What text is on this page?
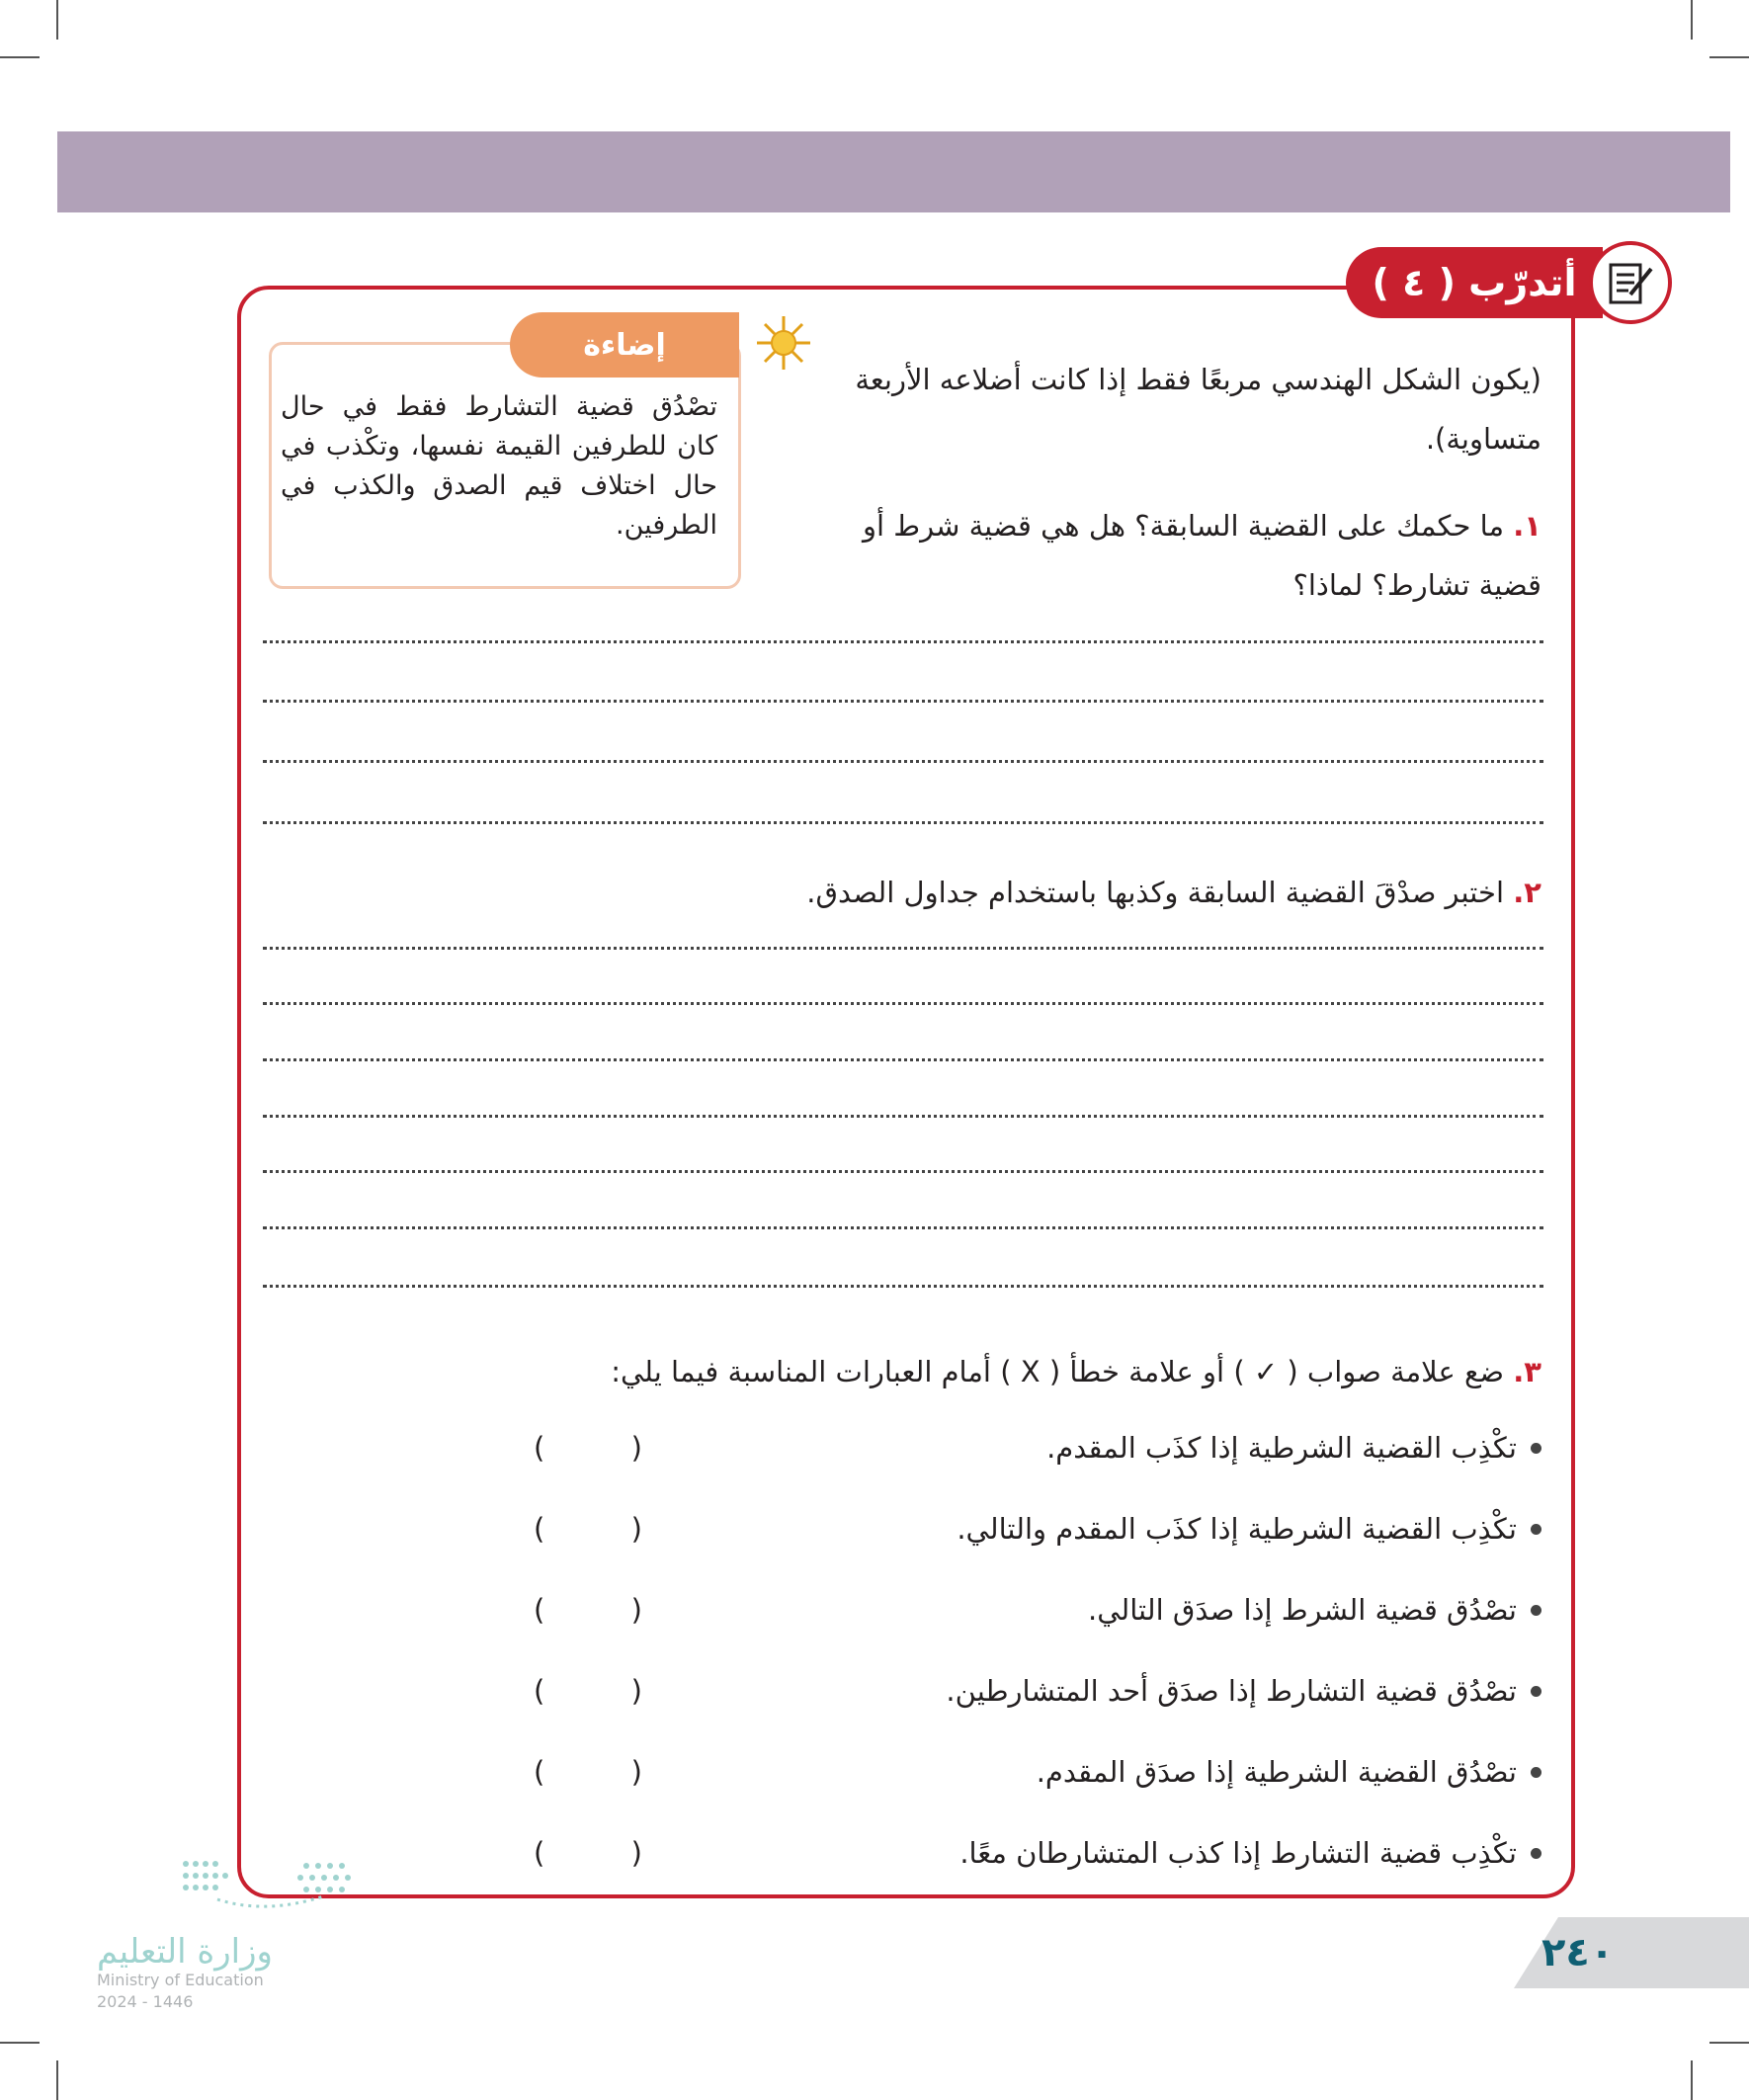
أتدرّب ( ٤ )
إضاءة
تصْدُق قضية التشارط فقط في حال كان للطرفين القيمة نفسها، وتكْذب في حال اختلاف قيم الصدق والكذب في الطرفين.
(يكون الشكل الهندسي مربعًا فقط إذا كانت أضلاعه الأربعة متساوية).
١. ما حكمك على القضية السابقة؟ هل هي قضية شرط أو قضية تشارط؟ لماذا؟
٢. اختبر صدْقَ القضية السابقة وكذبها باستخدام جداول الصدق.
٣. ضع علامة صواب ( ✓ ) أو علامة خطأ ( X ) أمام العبارات المناسبة فيما يلي:
تكْذِب القضية الشرطية إذا كذَب المقدم.
(	)
تكْذِب القضية الشرطية إذا كذَب المقدم والتالي.
(	)
تصْدُق قضية الشرط إذا صدَق التالي.
(	)
تصْدُق قضية التشارط إذا صدَق أحد المتشارطين.
(	)
تصْدُق القضية الشرطية إذا صدَق المقدم.
(	)
تكْذِب قضية التشارط إذا كذب المتشارطان معًا.
(	)
٢٤٠
وزارة التعليم
Ministry of Education
2024 - 1446
